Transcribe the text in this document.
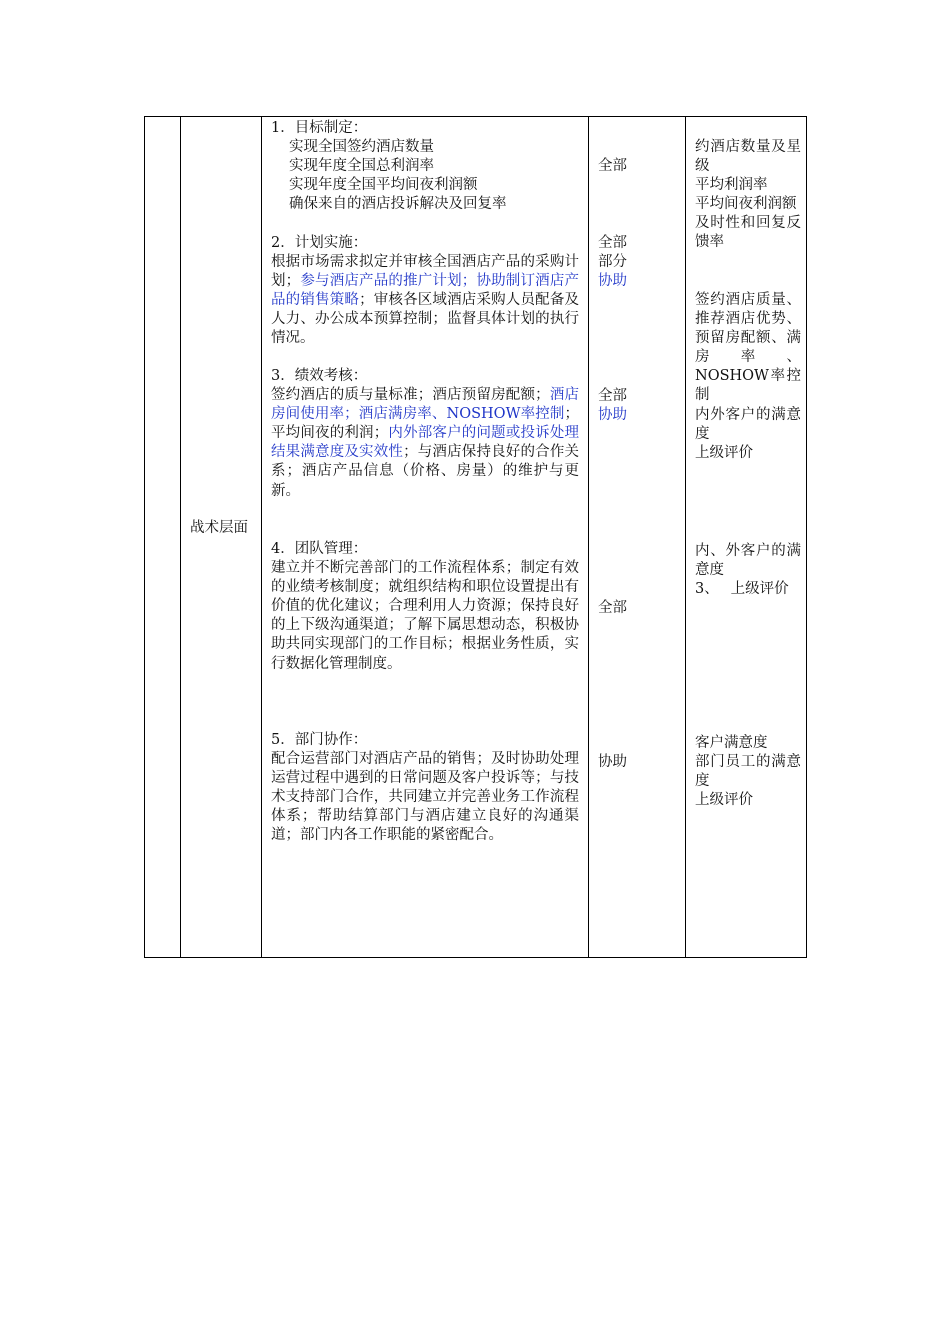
战术层面

1．目标制定：

实现全国签约酒店数量

实现年度全国总利润率

实现年度全国平均间夜利润额

确保来自的酒店投诉解决及回复率

2．计划实施：

根据市场需求拟定并审核全国酒店产品的采购计划；参与酒店产品的推广计划；协助制订酒店产品的销售策略；审核各区域酒店采购人员配备及人力、办公成本预算控制；监督具体计划的执行情况。

3．绩效考核：

签约酒店的质与量标准；酒店预留房配额；酒店房间使用率；酒店满房率、NOSHOW率控制；平均间夜的利润；内外部客户的问题或投诉处理结果满意度及实效性；与酒店保持良好的合作关系；酒店产品信息（价格、房量）的维护与更新。

4．团队管理：

建立并不断完善部门的工作流程体系；制定有效的业绩考核制度；就组织结构和职位设置提出有价值的优化建议；合理利用人力资源；保持良好的上下级沟通渠道；了解下属思想动态，积极协助共同实现部门的工作目标；根据业务性质，实行数据化管理制度。

5．部门协作：

配合运营部门对酒店产品的销售；及时协助处理运营过程中遇到的日常问题及客户投诉等；与技术支持部门合作，共同建立并完善业务工作流程体系；帮助结算部门与酒店建立良好的沟通渠道；部门内各工作职能的紧密配合。

全部

全部

部分

协助

全部

协助

全部

协助

约酒店数量及星级

平均利润率

平均间夜利润额

及时性和回复反馈率

签约酒店质量、推荐酒店优势、预留房配额、满房率、NOSHOW率控制

内外客户的满意度

上级评价

内、外客户的满意度

3、　 上级评价

客户满意度

部门员工的满意度

上级评价
